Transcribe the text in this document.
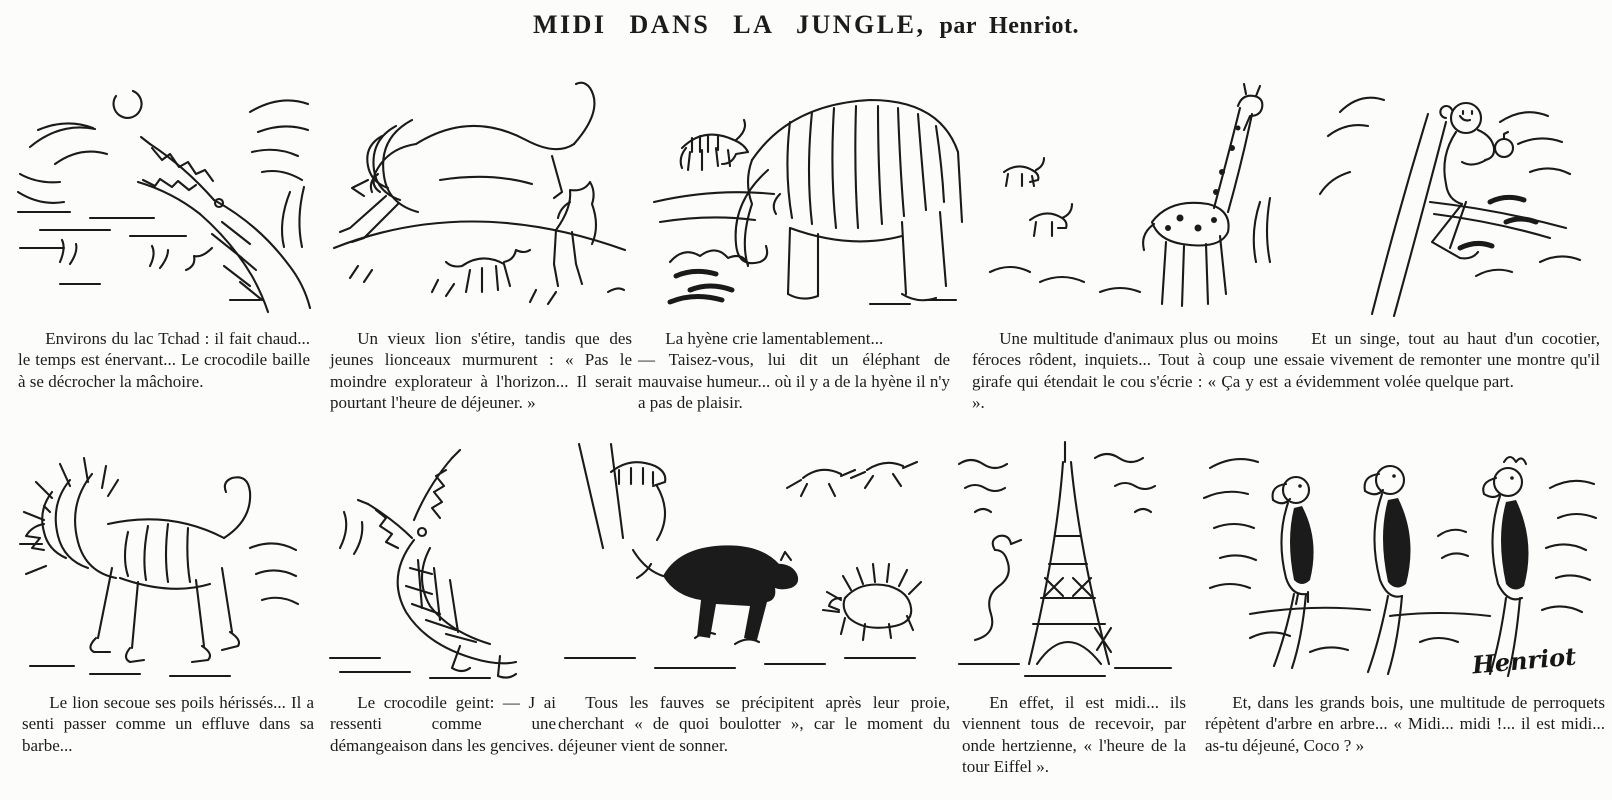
MIDI DANS LA JUNGLE, par Henriot.
Environs du lac Tchad : il fait chaud... le temps est énervant... Le crocodile baille à se décrocher la mâchoire.
Un vieux lion s'étire, tandis que des jeunes lionceaux murmurent : « Pas le moindre explorateur à l'horizon... Il serait pourtant l'heure de déjeuner. »
La hyène crie lamentablement...
— Taisez-vous, lui dit un éléphant de mauvaise humeur... où il y a de la hyène il n'y a pas de plaisir.
Une multitude d'animaux plus ou moins féroces rôdent, inquiets... Tout à coup une girafe qui étendait le cou s'écrie : « Ça y est ».
Et un singe, tout au haut d'un cocotier, essaie vivement de remonter une montre qu'il a évidemment volée quelque part.
Henriot
Le lion secoue ses poils hérissés... Il a senti passer comme un effluve dans sa barbe...
Le crocodile geint: — J ai ressenti comme une démangeaison dans les gencives.
Tous les fauves se précipitent après leur proie, cherchant « de quoi boulotter », car le moment du déjeuner vient de sonner.
En effet, il est midi... ils viennent tous de recevoir, par onde hertzienne, « l'heure de la tour Eiffel ».
Et, dans les grands bois, une multitude de perroquets répètent d'arbre en arbre... « Midi... midi !... il est midi... as-tu déjeuné, Coco ? »
